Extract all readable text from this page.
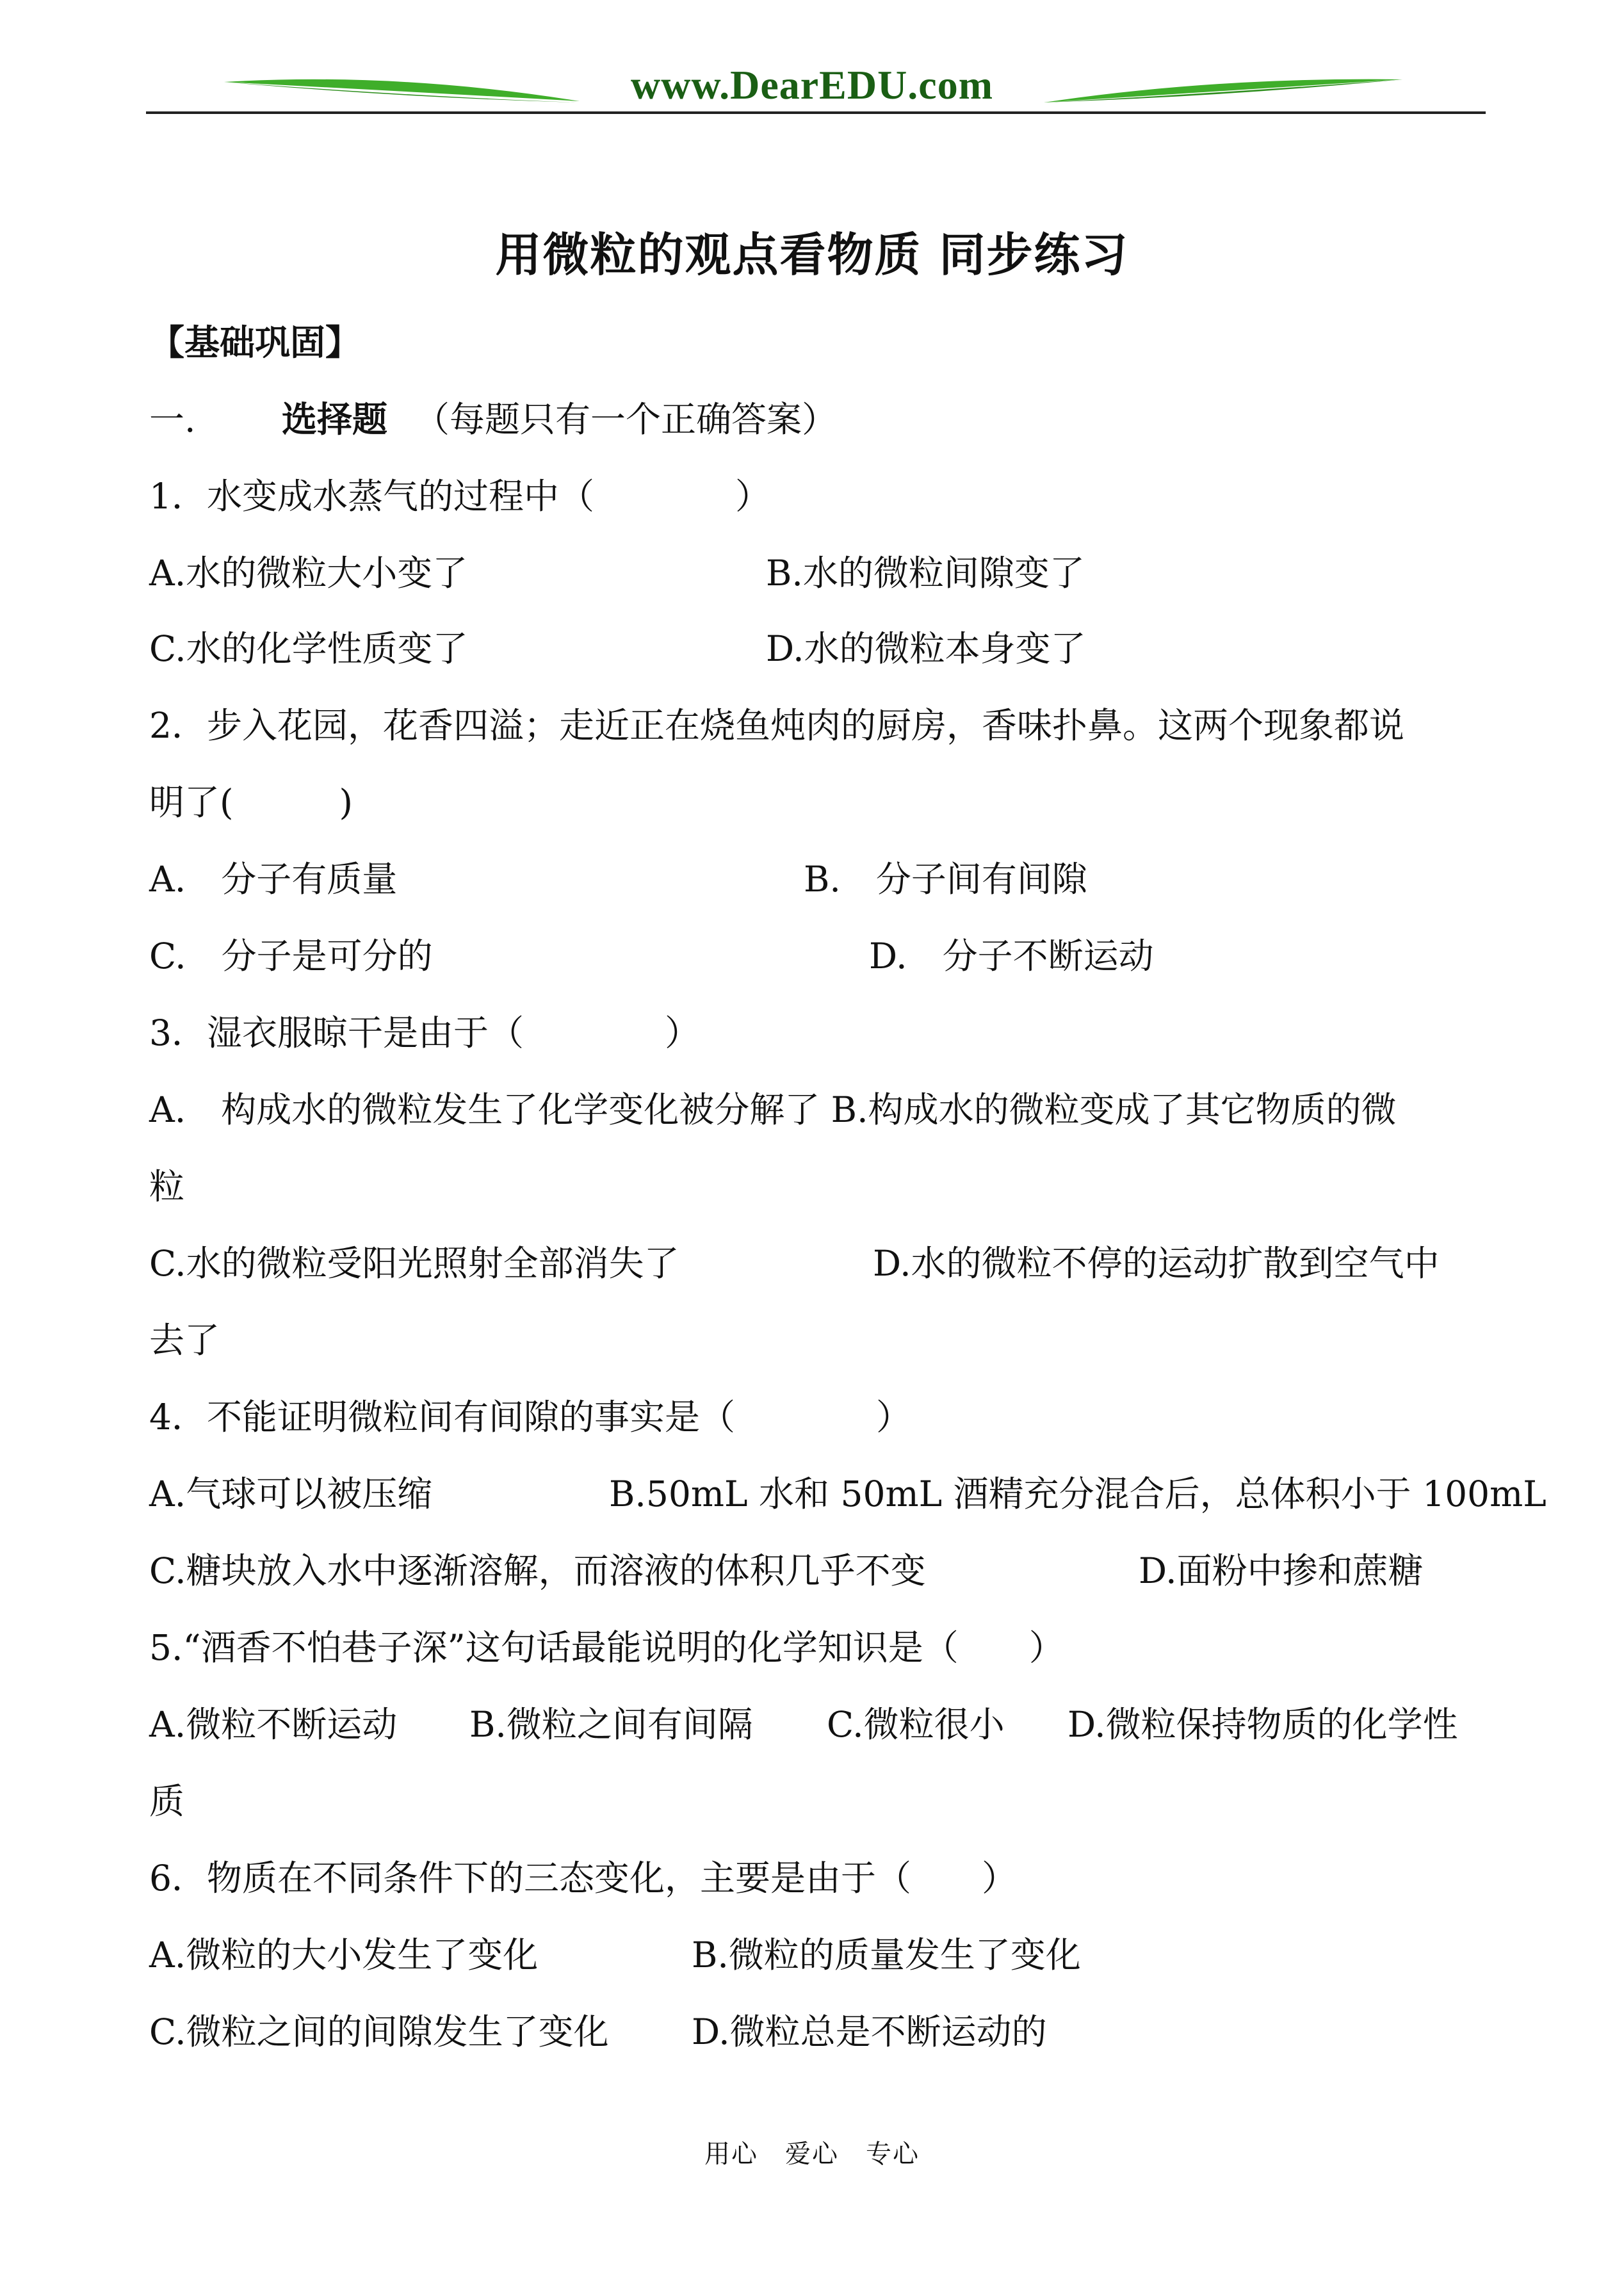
www.DearEDU.com
用微粒的观点看物质 同步练习
【基础巩固】
一. 选择题 （每题只有一个正确答案）
1．水变成水蒸气的过程中（　　　　）
A.水的微粒大小变了	B.水的微粒间隙变了
C.水的化学性质变了	D.水的微粒本身变了
2．步入花园，花香四溢；走近正在烧鱼炖肉的厨房，香味扑鼻。这两个现象都说
明了(　　　)
A.　分子有质量	B.　分子间有间隙
C.　分子是可分的	D.　分子不断运动
3．湿衣服晾干是由于（　　　　）
A.　构成水的微粒发生了化学变化被分解了 B.构成水的微粒变成了其它物质的微
粒
C.水的微粒受阳光照射全部消失了	D.水的微粒不停的运动扩散到空气中
去了
4．不能证明微粒间有间隙的事实是（　　　　）
A.气球可以被压缩	B.50mL 水和 50mL 酒精充分混合后，总体积小于 100mL
C.糖块放入水中逐渐溶解，而溶液的体积几乎不变	D.面粉中掺和蔗糖
5.“酒香不怕巷子深”这句话最能说明的化学知识是（　　）
A.微粒不断运动 B.微粒之间有间隔 C.微粒很小 D.微粒保持物质的化学性
质
6．物质在不同条件下的三态变化，主要是由于（　　）
A.微粒的大小发生了变化	B.微粒的质量发生了变化
C.微粒之间的间隙发生了变化 D.微粒总是不断运动的
用心　爱心　专心
